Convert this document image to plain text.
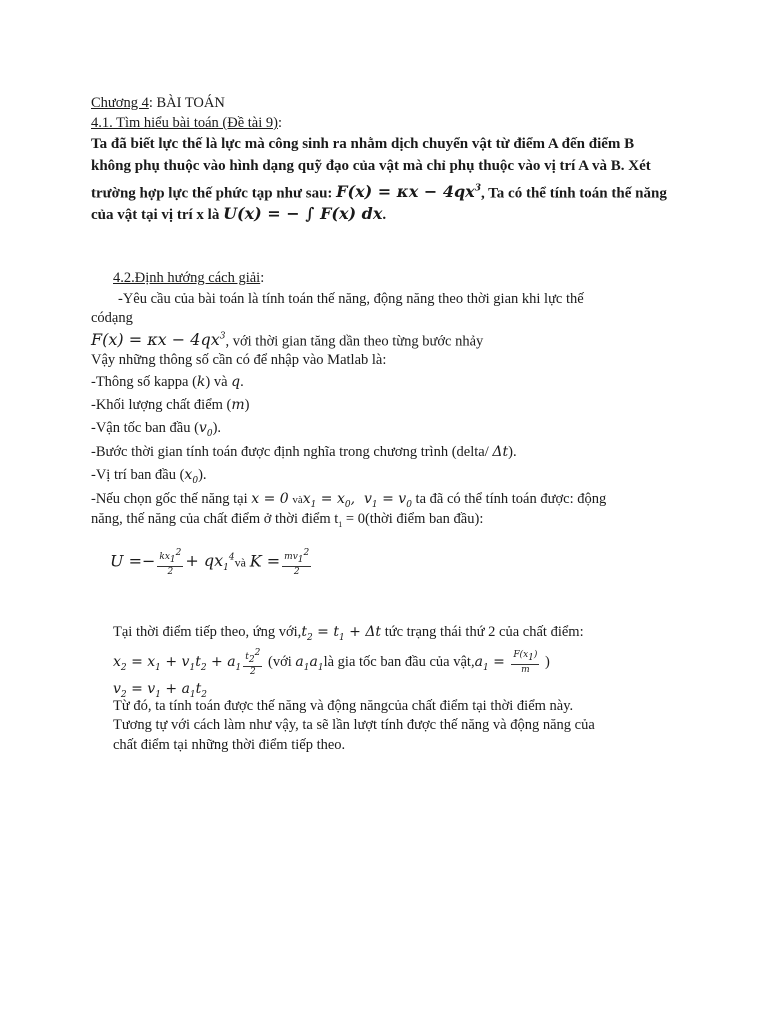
Chương 4: BÀI TOÁN
4.1. Tìm hiểu bài toán (Đề tài 9):
Ta đã biết lực thế là lực mà công sinh ra nhằm dịch chuyển vật từ điểm A đến điểm B
không phụ thuộc vào hình dạng quỹ đạo của vật mà chỉ phụ thuộc vào vị trí A và B. Xét
trường hợp lực thế phức tạp như sau: $F(x) = \kappa x - 4qx^3$, Ta có thể tính toán thế năng
của vật tại vị trí x là U(x) = − ∫ F(x) dx.
4.2.Định hướng cách giải:
-Yêu cầu của bài toán là tính toán thế năng, động năng theo thời gian khi lực thế
códạng
$F(x) = \kappa x - 4qx^3$, với thời gian tăng dần theo từng bước nhảy
Vậy những thông số cần có để nhập vào Matlab là:
-Thông số kappa (k) và q.
-Khối lượng chất điểm (m)
-Vận tốc ban đầu $(v_0)$.
-Bước thời gian tính toán được định nghĩa trong chương trình (delta/ Δt).
-Vị trí ban đầu $(x_0)$.
-Nếu chọn gốc thế năng tại x = 0 vàx$_1$ = $x_0$, $v_1 = v_0$ ta đã có thể tính toán được: động
năng, thế năng của chất điểm ở thời điểm $t_1$ = 0(thời điểm ban đầu):
$U =- \frac{kx_1^2}{2}$ + $qx_1^4và$ $K = \frac{mv_1^2}{2}$
Tại thời điểm tiếp theo, ứng $với,t_2 = t_1 + \Delta t$ tức trạng thái thứ 2 của chất điểm:
$x_2 = x_1 + v_1t_2 + a_1 \frac{t_2^2}{2}$ (với $a_1a_1là$ gia tốc ban đầu của $vật,a_1 = \frac{F(x_1)}{m}$ )
$v_2 = v_1 + a_1t_2$
Từ đó, ta tính toán được thế năng và động năngcủa chất điểm tại thời điểm này.
Tương tự với cách làm như vậy, ta sẽ lần lượt tính được thế năng và động năng của
chất điểm tại những thời điểm tiếp theo.
